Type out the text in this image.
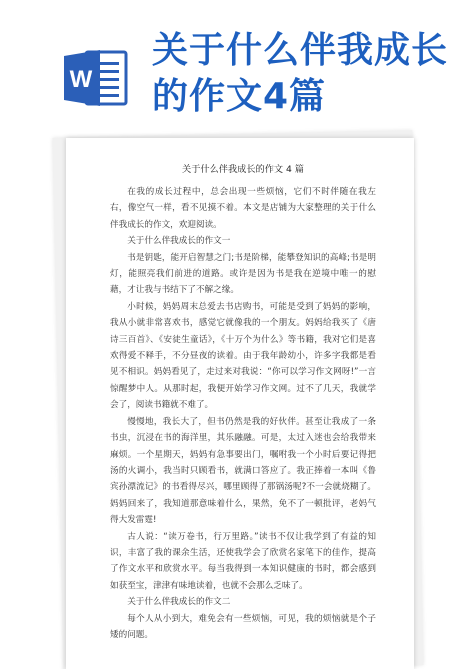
W
关于什么伴我成长
的作文4篇
关于什么伴我成长的作文 4 篇

在我的成长过程中，总会出现一些烦恼，它们不时伴随在我左右，像空气一样，看不见摸不着。本文是店铺为大家整理的关于什么伴我成长的作文，欢迎阅读。

关于什么伴我成长的作文一

书是钥匙，能开启智慧之门;书是阶梯，能攀登知识的高峰;书是明灯，能照亮我们前进的道路。或许是因为书是我在逆境中唯一的慰藉，才让我与书结下了不解之缘。

小时候，妈妈周末总爱去书店购书，可能是受到了妈妈的影响，我从小就非常喜欢书，感觉它就像我的一个朋友。妈妈给我买了《唐诗三百首》、《安徒生童话》，《十万个为什么》等书籍，我对它们是喜欢得爱不释手，不分昼夜的读着。由于我年龄幼小，许多字我都是看见不相识。妈妈看见了，走过来对我说：“你可以学习作文网呀!”一言惊醒梦中人。从那时起，我便开始学习作文网。过不了几天，我就学会了，阅读书籍就不难了。

慢慢地，我长大了，但书仍然是我的好伙伴。甚至让我成了一条书虫，沉浸在书的海洋里，其乐融融。可是，太过入迷也会给我带来麻烦。一个星期天，妈妈有急事要出门，嘱咐我一个小时后要记得把汤的火调小，我当时只顾看书，就满口答应了。我正捧着一本叫《鲁宾孙漂流记》的书看得尽兴，哪里顾得了那锅汤呢?不一会就烧糊了。妈妈回来了，我知道那意味着什么，果然，免不了一顿批评，老妈气得大发雷霆!

古人说：“读万卷书，行万里路。”读书不仅让我学到了有益的知识，丰富了我的课余生活，还使我学会了欣赏名家笔下的佳作，提高了作文水平和欣赏水平。每当我得到一本知识健康的书时，都会感到如获至宝，津津有味地读着，也就不会那么乏味了。

关于什么伴我成长的作文二

每个人从小到大，难免会有一些烦恼，可见，我的烦恼就是个子矮的问题。
